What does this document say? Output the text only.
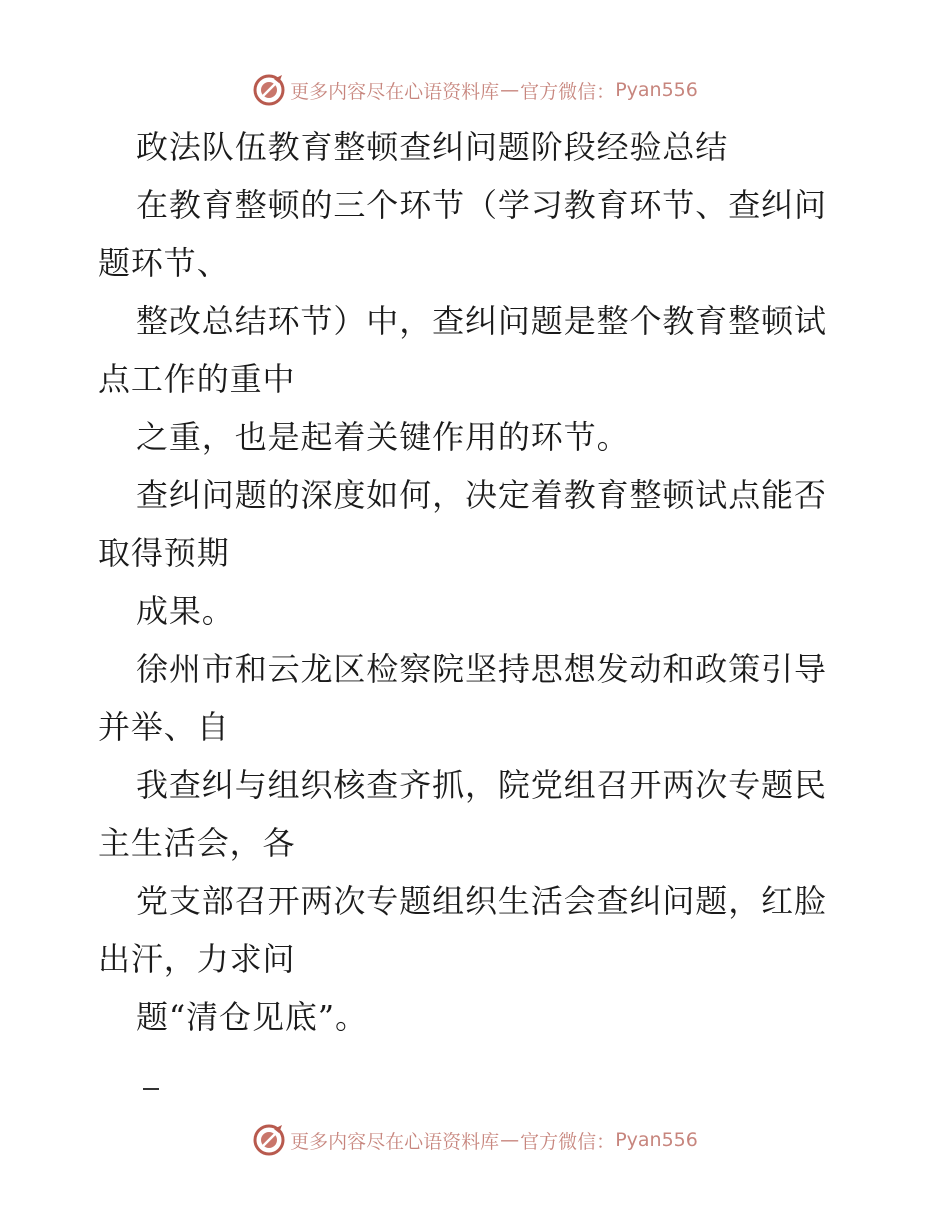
更多内容尽在心语资料库 — 官方微信： Pyan556
政法队伍教育整顿查纠问题阶段经验总结
在教育整顿的三个环节（学习教育环节、查纠问
题环节、
整改总结环节）中，查纠问题是整个教育整顿试
点工作的重中
之重，也是起着关键作用的环节。
查纠问题的深度如何，决定着教育整顿试点能否
取得预期
成果。
徐州市和云龙区检察院坚持思想发动和政策引导
并举、自
我查纠与组织核查齐抓，院党组召开两次专题民
主生活会，各
党支部召开两次专题组织生活会查纠问题，红脸
出汗，力求问
题“清仓见底”。
更多内容尽在心语资料库 — 官方微信： Pyan556
